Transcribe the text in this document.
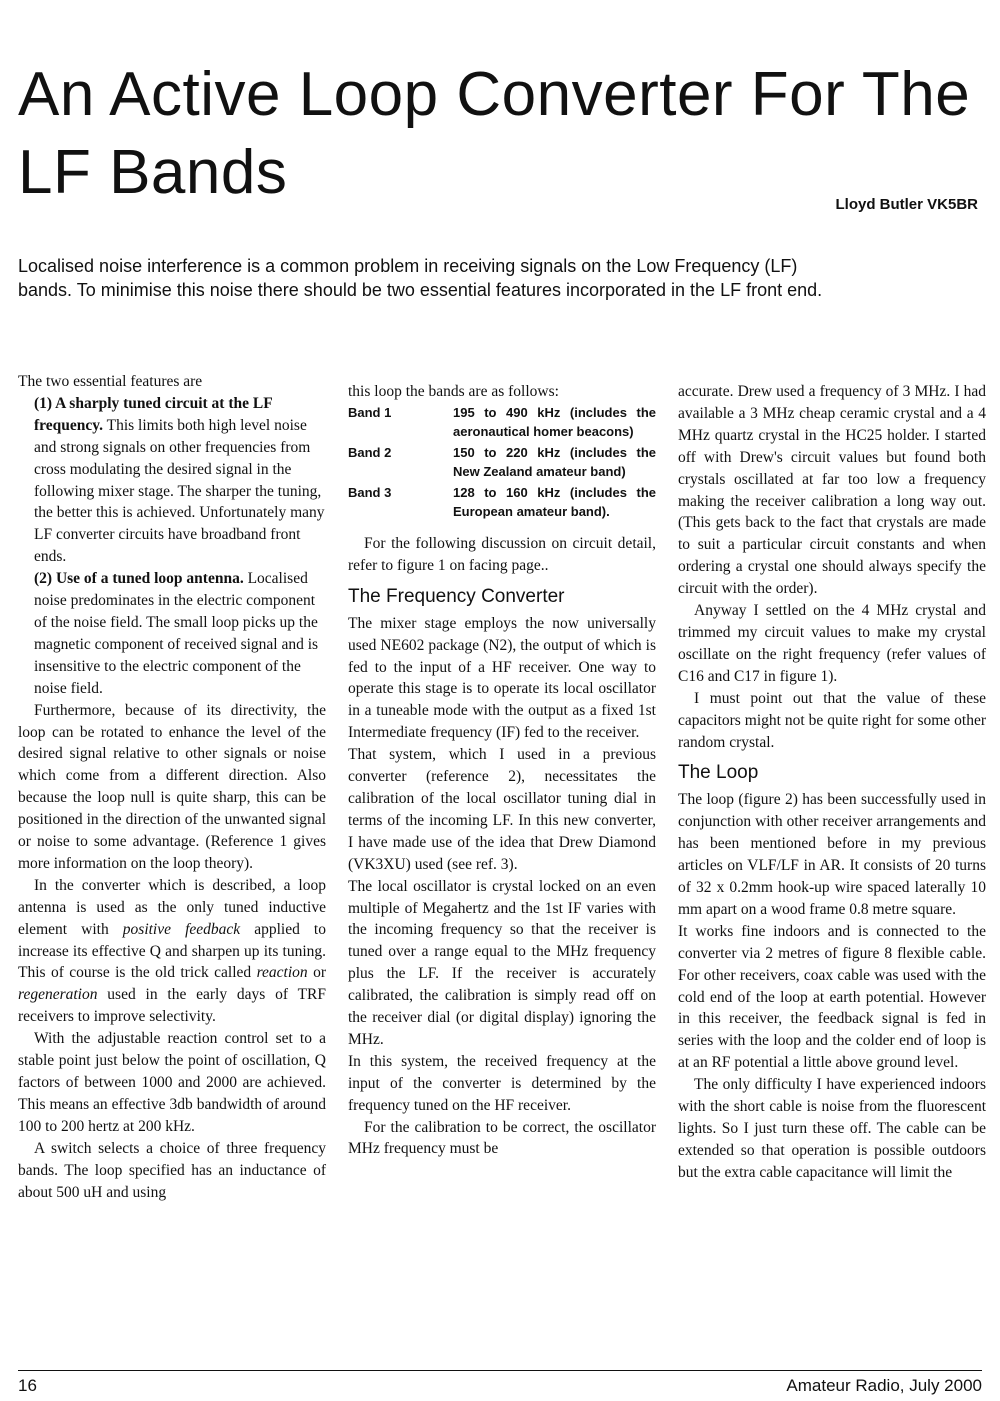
An Active Loop Converter For The LF Bands	Lloyd Butler VK5BR

Localised noise interference is a common problem in receiving signals on the Low Frequency (LF) bands. To minimise this noise there should be two essential features incorporated in the LF front end.

The two essential features are

(1) A sharply tuned circuit at the LF frequency. This limits both high level noise and strong signals on other frequencies from cross modulating the desired signal in the following mixer stage. The sharper the tuning, the better this is achieved. Unfortunately many LF converter circuits have broadband front ends.

(2) Use of a tuned loop antenna. Localised noise predominates in the electric component of the noise field. The small loop picks up the magnetic component of received signal and is insensitive to the electric component of the noise field.

Furthermore, because of its directivity, the loop can be rotated to enhance the level of the desired signal relative to other signals or noise which come from a different direction. Also because the loop null is quite sharp, this can be positioned in the direction of the unwanted signal or noise to some advantage. (Reference 1 gives more information on the loop theory).

In the converter which is described, a loop antenna is used as the only tuned inductive element with positive feedback applied to increase its effective Q and sharpen up its tuning. This of course is the old trick called reaction or regeneration used in the early days of TRF receivers to improve selectivity.

With the adjustable reaction control set to a stable point just below the point of oscillation, Q factors of between 1000 and 2000 are achieved. This means an effective 3db bandwidth of around 100 to 200 hertz at 200 kHz.

A switch selects a choice of three frequency bands. The loop specified has an inductance of about 500 uH and using

this loop the bands are as follows:

Band 1	195 to 490 kHz (includes the aeronautical homer beacons)
Band 2	150 to 220 kHz (includes the New Zealand amateur band)
Band 3	128 to 160 kHz (includes the European amateur band).

For the following discussion on circuit detail, refer to figure 1 on facing page..

The Frequency Converter

The mixer stage employs the now universally used NE602 package (N2), the output of which is fed to the input of a HF receiver. One way to operate this stage is to operate its local oscillator in a tuneable mode with the output as a fixed 1st Intermediate frequency (IF) fed to the receiver.

That system, which I used in a previous converter (reference 2), necessitates the calibration of the local oscillator tuning dial in terms of the incoming LF. In this new converter, I have made use of the idea that Drew Diamond (VK3XU) used (see ref. 3).

The local oscillator is crystal locked on an even multiple of Megahertz and the 1st IF varies with the incoming frequency so that the receiver is tuned over a range equal to the MHz frequency plus the LF. If the receiver is accurately calibrated, the calibration is simply read off on the receiver dial (or digital display) ignoring the MHz.

In this system, the received frequency at the input of the converter is determined by the frequency tuned on the HF receiver.

For the calibration to be correct, the oscillator MHz frequency must be

accurate. Drew used a frequency of 3 MHz. I had available a 3 MHz cheap ceramic crystal and a 4 MHz quartz crystal in the HC25 holder. I started off with Drew's circuit values but found both crystals oscillated at far too low a frequency making the receiver calibration a long way out. (This gets back to the fact that crystals are made to suit a particular circuit constants and when ordering a crystal one should always specify the circuit with the order).

Anyway I settled on the 4 MHz crystal and trimmed my circuit values to make my crystal oscillate on the right frequency (refer values of C16 and C17 in figure 1).

I must point out that the value of these capacitors might not be quite right for some other random crystal.

The Loop

The loop (figure 2) has been successfully used in conjunction with other receiver arrangements and has been mentioned before in my previous articles on VLF/LF in AR. It consists of 20 turns of 32 x 0.2mm hook-up wire spaced laterally 10 mm apart on a wood frame 0.8 metre square.

It works fine indoors and is connected to the converter via 2 metres of figure 8 flexible cable. For other receivers, coax cable was used with the cold end of the loop at earth potential. However in this receiver, the feedback signal is fed in series with the loop and the colder end of loop is at an RF potential a little above ground level.

The only difficulty I have experienced indoors with the short cable is noise from the fluorescent lights. So I just turn these off. The cable can be extended so that operation is possible outdoors but the extra cable capacitance will limit the

16	Amateur Radio, July 2000
